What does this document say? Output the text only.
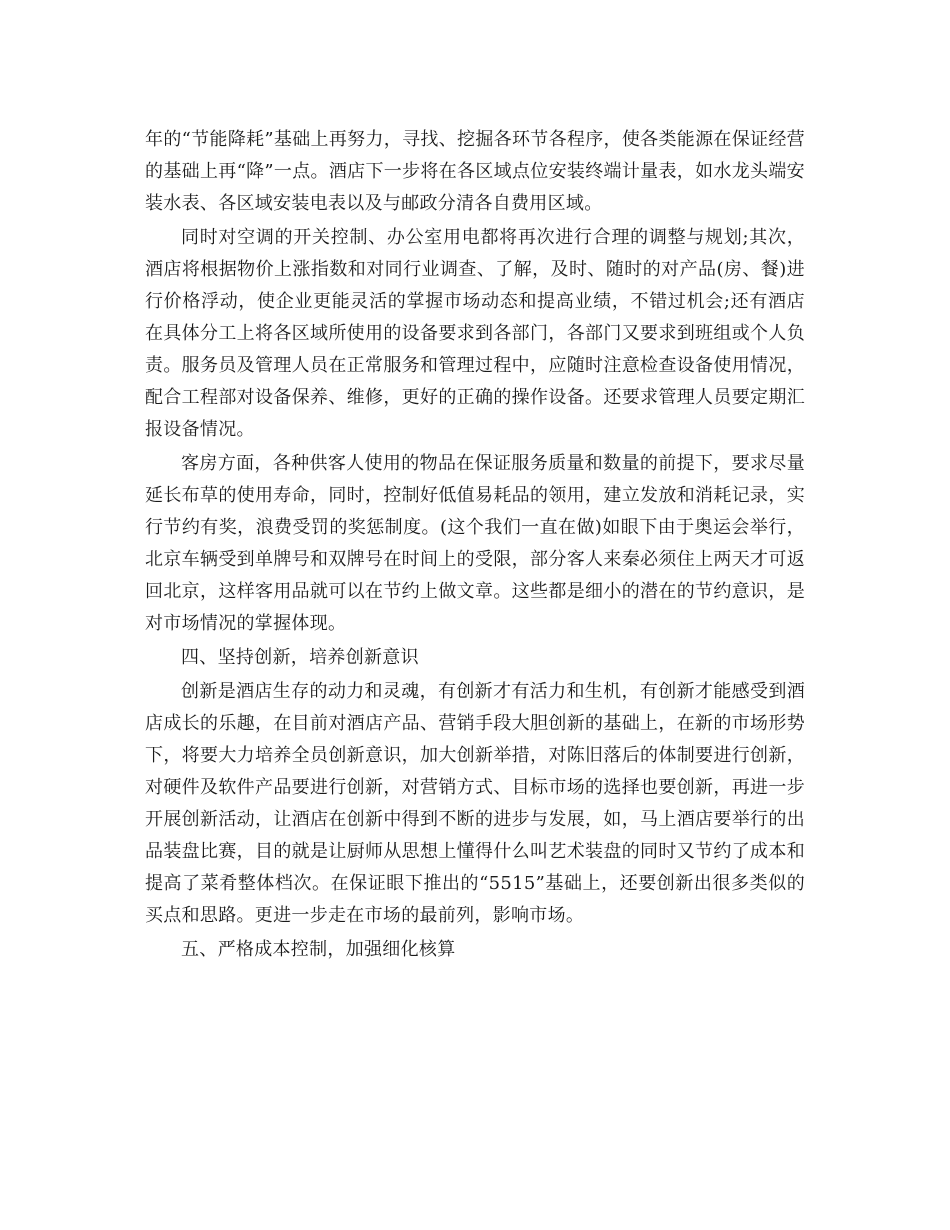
年的“节能降耗”基础上再努力，寻找、挖掘各环节各程序，使各类能源在保证经营的基础上再“降”一点。酒店下一步将在各区域点位安装终端计量表，如水龙头端安装水表、各区域安装电表以及与邮政分清各自费用区域。

同时对空调的开关控制、办公室用电都将再次进行合理的调整与规划;其次，酒店将根据物价上涨指数和对同行业调查、了解，及时、随时的对产品(房、餐)进行价格浮动，使企业更能灵活的掌握市场动态和提高业绩，不错过机会;还有酒店在具体分工上将各区域所使用的设备要求到各部门，各部门又要求到班组或个人负责。服务员及管理人员在正常服务和管理过程中，应随时注意检查设备使用情况，配合工程部对设备保养、维修，更好的正确的操作设备。还要求管理人员要定期汇报设备情况。

客房方面，各种供客人使用的物品在保证服务质量和数量的前提下，要求尽量延长布草的使用寿命，同时，控制好低值易耗品的领用，建立发放和消耗记录，实行节约有奖，浪费受罚的奖惩制度。(这个我们一直在做)如眼下由于奥运会举行，北京车辆受到单牌号和双牌号在时间上的受限，部分客人来秦必须住上两天才可返回北京，这样客用品就可以在节约上做文章。这些都是细小的潜在的节约意识，是对市场情况的掌握体现。

四、坚持创新，培养创新意识

创新是酒店生存的动力和灵魂，有创新才有活力和生机，有创新才能感受到酒店成长的乐趣，在目前对酒店产品、营销手段大胆创新的基础上，在新的市场形势下，将要大力培养全员创新意识，加大创新举措，对陈旧落后的体制要进行创新，对硬件及软件产品要进行创新，对营销方式、目标市场的选择也要创新，再进一步开展创新活动，让酒店在创新中得到不断的进步与发展，如，马上酒店要举行的出品装盘比赛，目的就是让厨师从思想上懂得什么叫艺术装盘的同时又节约了成本和提高了菜肴整体档次。在保证眼下推出的“5515”基础上，还要创新出很多类似的买点和思路。更进一步走在市场的最前列，影响市场。

五、严格成本控制，加强细化核算
